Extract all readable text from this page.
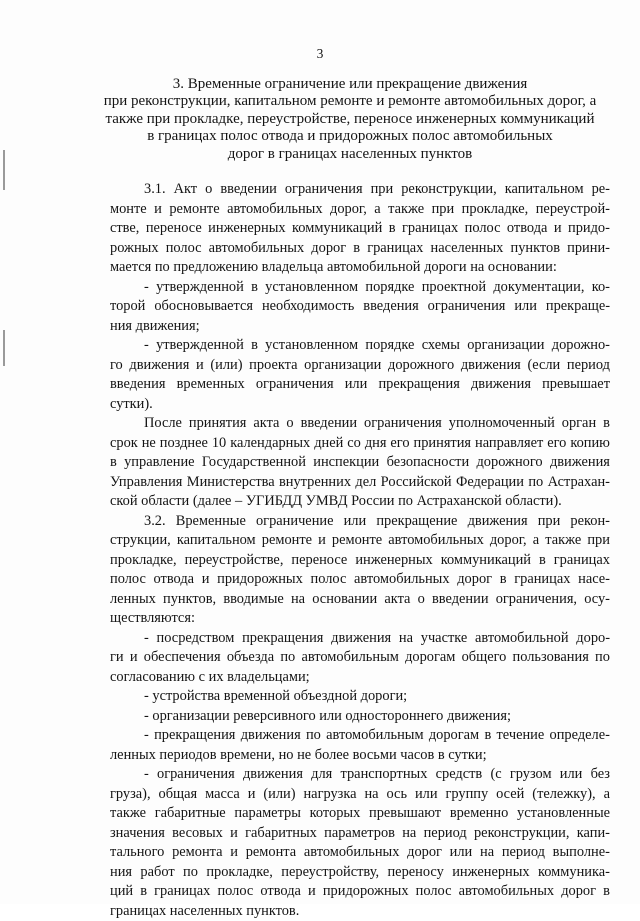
3
3. Временные ограничение или прекращение движения
при реконструкции, капитальном ремонте и ремонте автомобильных дорог, а
также при прокладке, переустройстве, переносе инженерных коммуникаций
в границах полос отвода и придорожных полос автомобильных
дорог в границах населенных пунктов
3.1. Акт о введении ограничения при реконструкции, капитальном ре-
монте и ремонте автомобильных дорог, а также при прокладке, переустрой-
стве, переносе инженерных коммуникаций в границах полос отвода и придо-
рожных полос автомобильных дорог в границах населенных пунктов прини-
мается по предложению владельца автомобильной дороги на основании:
- утвержденной в установленном порядке проектной документации, ко-
торой обосновывается необходимость введения ограничения или прекраще-
ния движения;
- утвержденной в установленном порядке схемы организации дорожно-
го движения и (или) проекта организации дорожного движения (если период
введения временных ограничения или прекращения движения превышает
сутки).
После принятия акта о введении ограничения уполномоченный орган в
срок не позднее 10 календарных дней со дня его принятия направляет его копию
в управление Государственной инспекции безопасности дорожного движения
Управления Министерства внутренних дел Российской Федерации по Астрахан-
ской области (далее – УГИБДД УМВД России по Астраханской области).
3.2. Временные ограничение или прекращение движения при рекон-
струкции, капитальном ремонте и ремонте автомобильных дорог, а также при
прокладке, переустройстве, переносе инженерных коммуникаций в границах
полос отвода и придорожных полос автомобильных дорог в границах насе-
ленных пунктов, вводимые на основании акта о введении ограничения, осу-
ществляются:
- посредством прекращения движения на участке автомобильной доро-
ги и обеспечения объезда по автомобильным дорогам общего пользования по
согласованию с их владельцами;
- устройства временной объездной дороги;
- организации реверсивного или одностороннего движения;
- прекращения движения по автомобильным дорогам в течение определе-
ленных периодов времени, но не более восьми часов в сутки;
- ограничения движения для транспортных средств (с грузом или без
груза), общая масса и (или) нагрузка на ось или группу осей (тележку), а
также габаритные параметры которых превышают временно установленные
значения весовых и габаритных параметров на период реконструкции, капи-
тального ремонта и ремонта автомобильных дорог или на период выполне-
ния работ по прокладке, переустройству, переносу инженерных коммуника-
ций в границах полос отвода и придорожных полос автомобильных дорог в
границах населенных пунктов.
